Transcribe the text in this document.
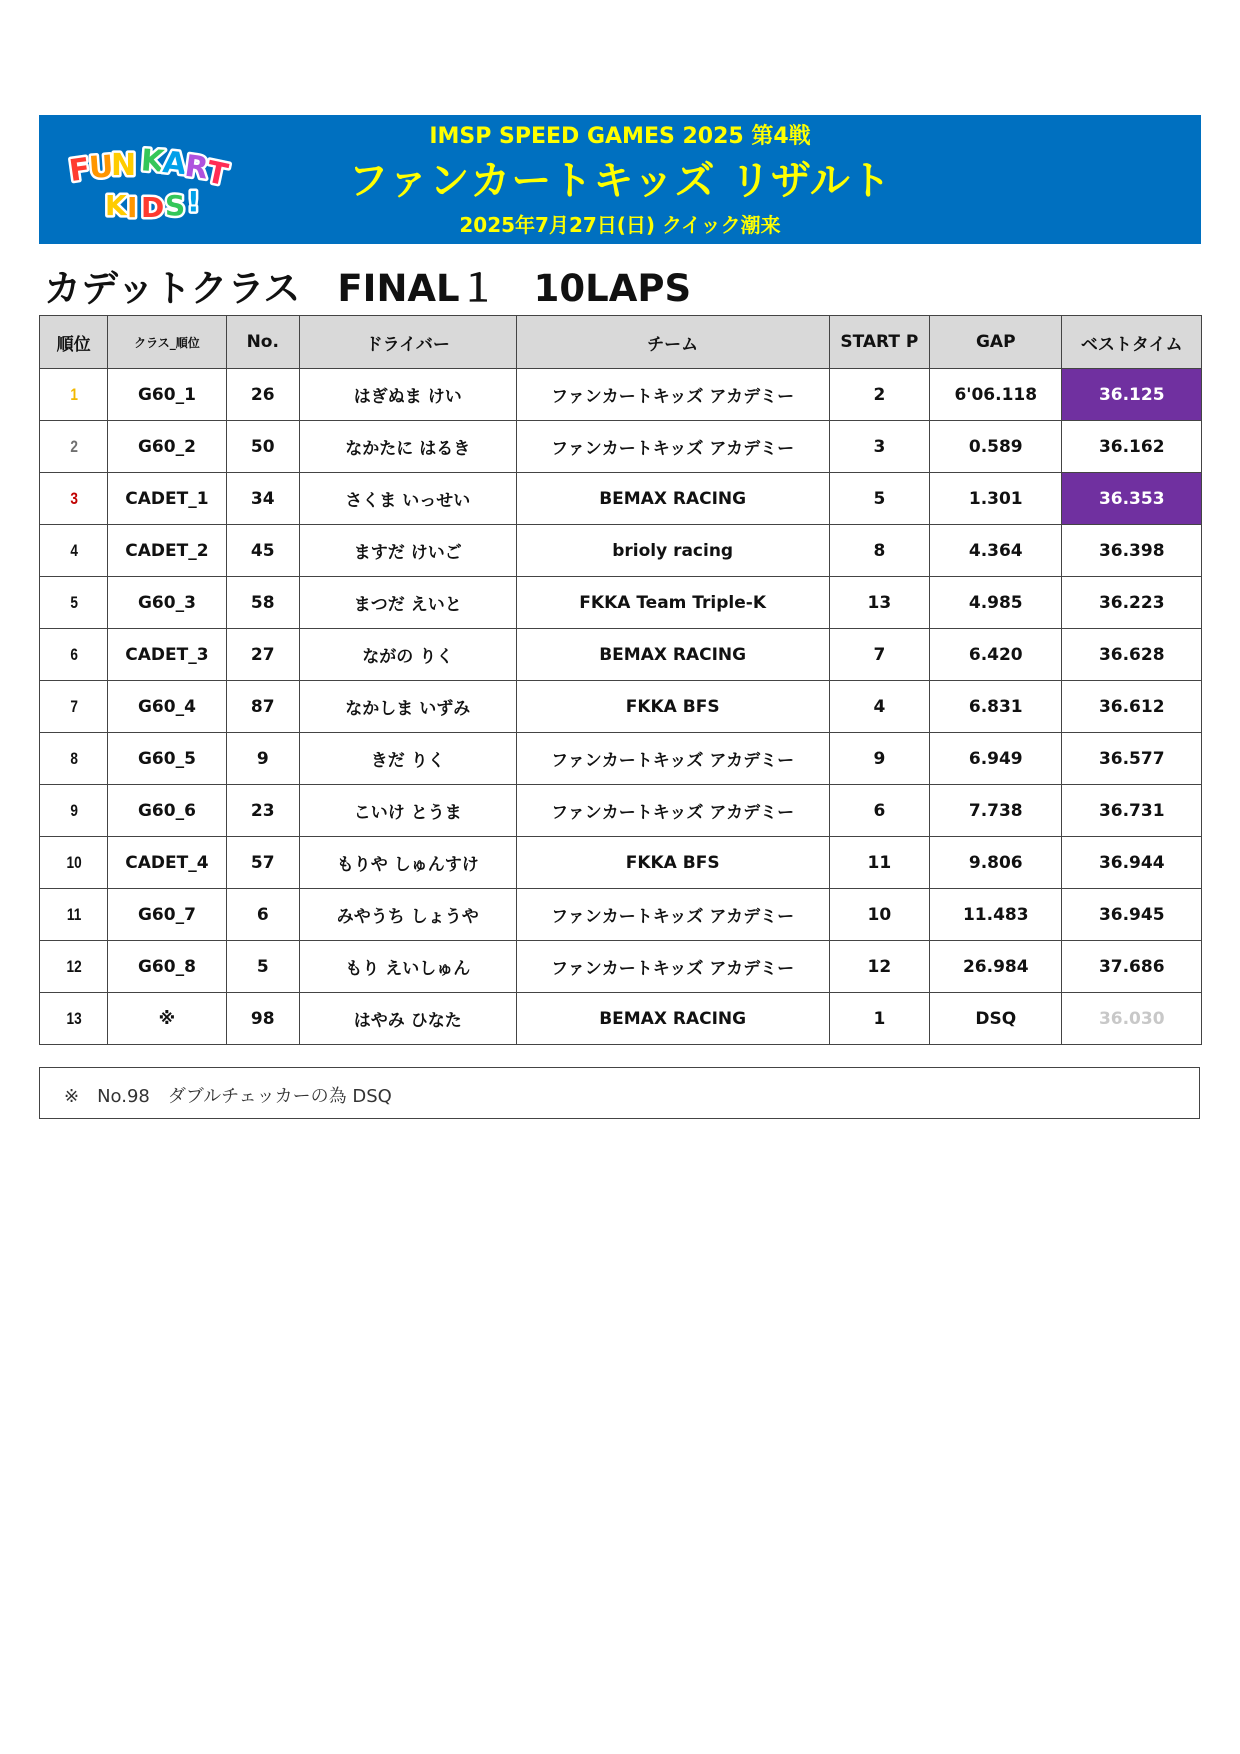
F
U
N K
A
R
T
K I D S !
IMSP SPEED GAMES 2025 第4戦
ファンカートキッズ リザルト
2025年7月27日(日) クイック潮来
カデットクラス　FINAL１　10LAPS
順位	クラス_順位	No.	ドライバー	チーム	START P	GAP	ベストタイム
1	G60_1	26	はぎぬま けい	ファンカートキッズ アカデミー	2	6'06.118	36.125
2	G60_2	50	なかたに はるき	ファンカートキッズ アカデミー	3	0.589	36.162
3	CADET_1	34	さくま いっせい	BEMAX RACING	5	1.301	36.353
4	CADET_2	45	ますだ けいご	brioly racing	8	4.364	36.398
5	G60_3	58	まつだ えいと	FKKA Team Triple-K	13	4.985	36.223
6	CADET_3	27	ながの りく	BEMAX RACING	7	6.420	36.628
7	G60_4	87	なかしま いずみ	FKKA BFS	4	6.831	36.612
8	G60_5	9	きだ りく	ファンカートキッズ アカデミー	9	6.949	36.577
9	G60_6	23	こいけ とうま	ファンカートキッズ アカデミー	6	7.738	36.731
10	CADET_4	57	もりや しゅんすけ	FKKA BFS	11	9.806	36.944
11	G60_7	6	みやうち しょうや	ファンカートキッズ アカデミー	10	11.483	36.945
12	G60_8	5	もり えいしゅん	ファンカートキッズ アカデミー	12	26.984	37.686
13	※	98	はやみ ひなた	BEMAX RACING	1	DSQ	36.030
※　No.98　ダブルチェッカーの為 DSQ
